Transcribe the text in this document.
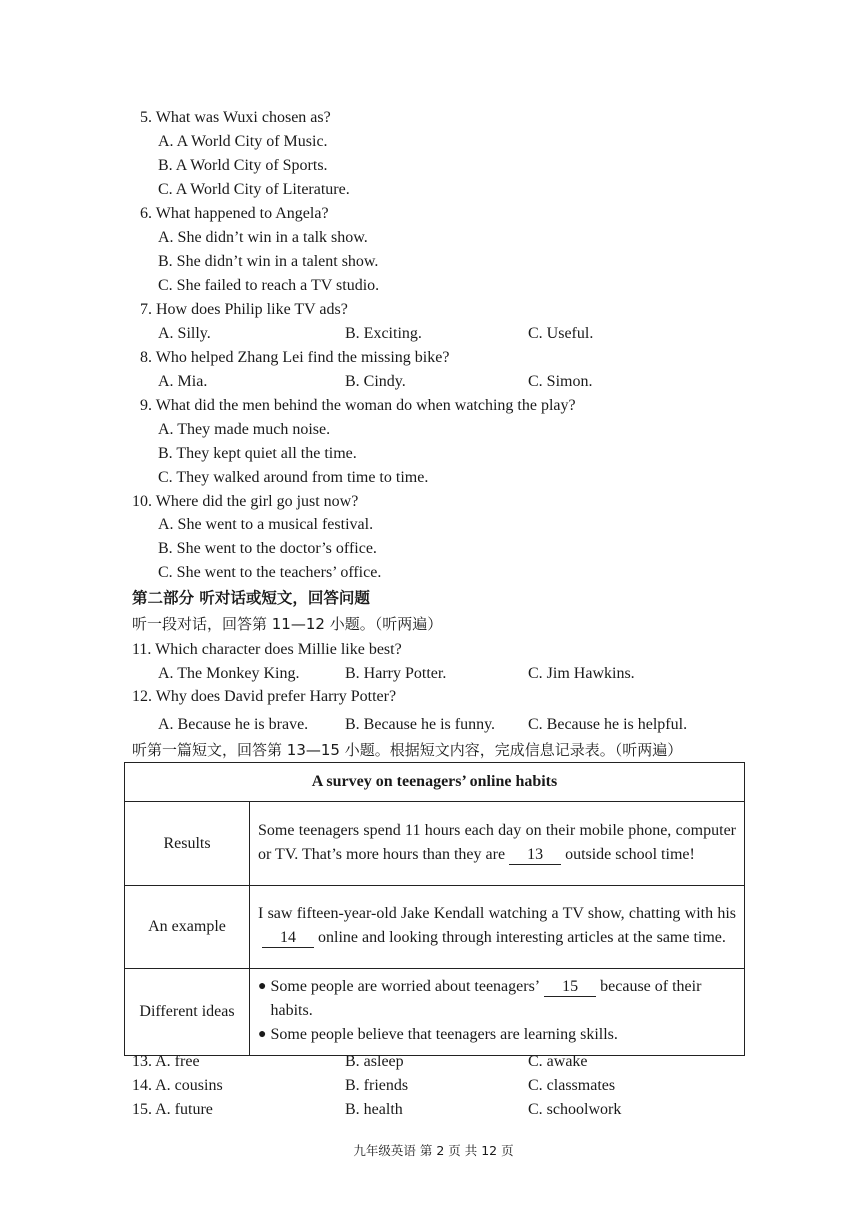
5. What was Wuxi chosen as?
A. A World City of Music.
B. A World City of Sports.
C. A World City of Literature.
6. What happened to Angela?
A. She didn’t win in a talk show.
B. She didn’t win in a talent show.
C. She failed to reach a TV studio.
7. How does Philip like TV ads?
A. Silly.	B. Exciting.	C. Useful.
8. Who helped Zhang Lei find the missing bike?
A. Mia.	B. Cindy.	C. Simon.
9. What did the men behind the woman do when watching the play?
A. They made much noise.
B. They kept quiet all the time.
C. They walked around from time to time.
10. Where did the girl go just now?
A. She went to a musical festival.
B. She went to the doctor’s office.
C. She went to the teachers’ office.
第二部分 听对话或短文，回答问题
听一段对话，回答第 11—12 小题。（听两遍）
11. Which character does Millie like best?
A. The Monkey King.	B. Harry Potter.	C. Jim Hawkins.
12. Why does David prefer Harry Potter?
A. Because he is brave. B. Because he is funny. C. Because he is helpful.
听第一篇短文，回答第 13—15 小题。根据短文内容，完成信息记录表。（听两遍）
A survey on teenagers’ online habits	
Results	Some teenagers spend 11 hours each day on their mobile phone, computer or TV. That’s more hours than they are 13 outside school time!
An example	I saw fifteen-year-old Jake Kendall watching a TV show, chatting with his14 online and looking through interesting articles at the same time.
Different ideas	● Some people are worried about teenagers’ 15 because of their habits.
● Some people believe that teenagers are learning skills.
13. A. free	B. asleep	C. awake
14. A. cousins	B. friends	C. classmates
15. A. future	B. health	C. schoolwork
九年级英语 第 2 页 共 12 页
